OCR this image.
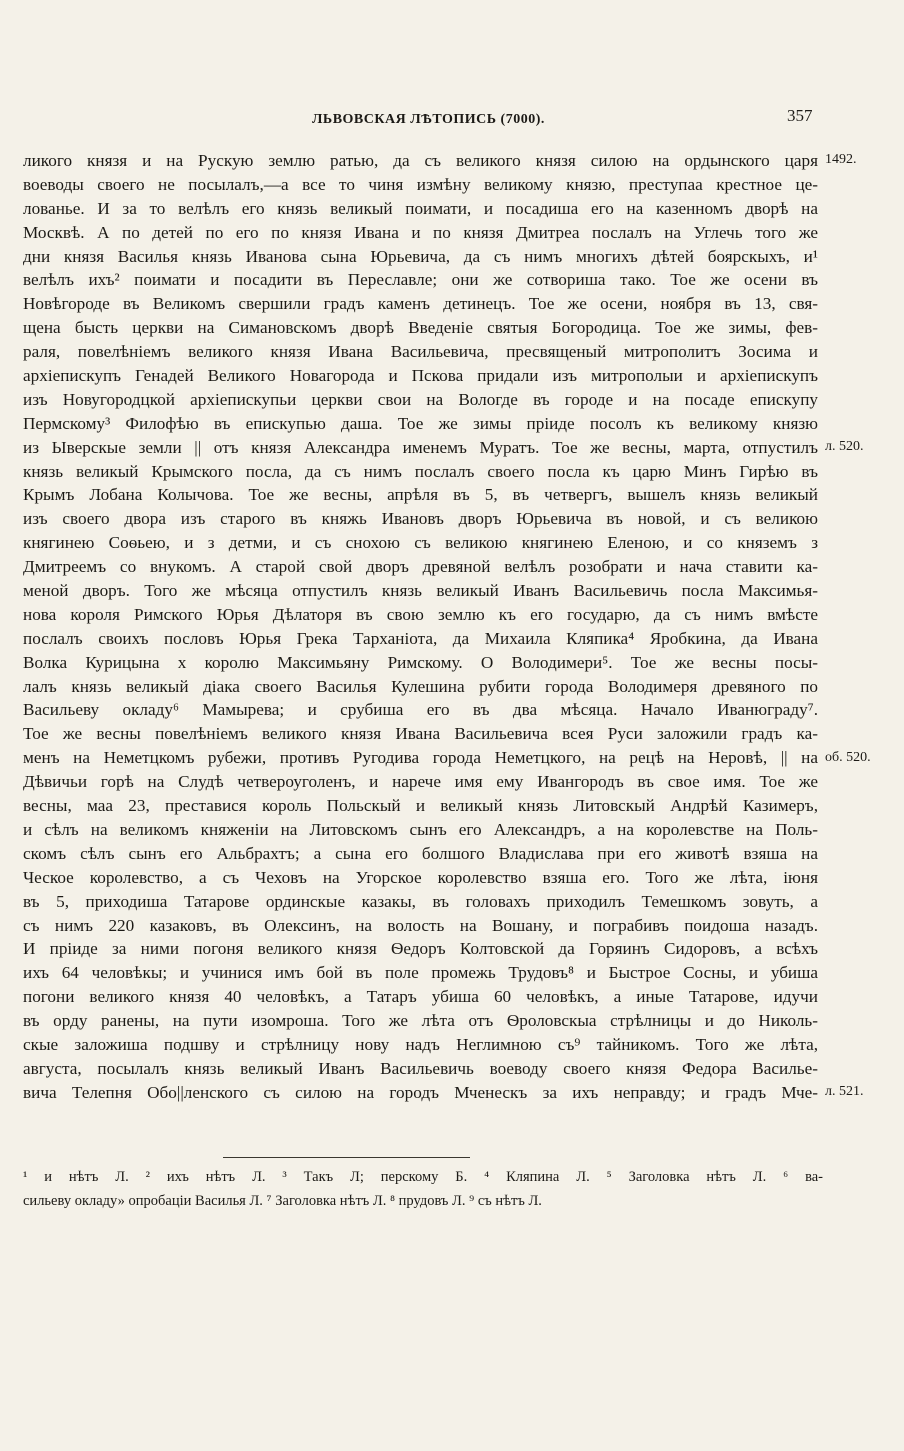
ЛЬВОВСКАЯ ЛѢТОПИСЬ (7000).	357
ликого князя и на Рускую землю ратью, да съ великого князя силою на ордынского царя
воеводы своего не посылалъ,—а все то чиня измѣну великому князю, преступаа крестное це-
лованье. И за то велѣлъ его князь великый поимати, и посадиша его на казенномъ дворѣ на
Москвѣ. А по детей по его по князя Ивана и по князя Дмитреа послалъ на Углечь того же
дни князя Василья князь Иванова сына Юрьевича, да съ нимъ многихъ дѣтей боярскыхъ, и¹
велѣлъ ихъ² поимати и посадити въ Переславле; они же сотвориша тако. Тое же осени въ
Новѣгороде въ Великомъ свершили градъ каменъ детинецъ. Тое же осени, ноября въ 13, свя-
щена бысть церкви на Симановскомъ дворѣ Введеніе святыя Богородица. Тое же зимы, фев-
раля, повелѣніемъ великого князя Ивана Васильевича, пресвященый митрополитъ Зосима и
архіепискупъ Генадей Великого Новагорода и Пскова придали изъ митрополыи и архіепискупъ
изъ Новугородцкой архіепискупьи церкви свои на Вологде въ городе и на посаде епискупу
Пермскому³ Филофѣю въ епискупью даша. Тое же зимы пріиде посолъ къ великому князю
из Ыверскые земли || отъ князя Александра именемъ Муратъ. Тое же весны, марта, отпустилъ
князь великый Крымского посла, да съ нимъ послалъ своего посла къ царю Минъ Гирѣю въ
Крымъ Лобана Колычова. Тое же весны, апрѣля въ 5, въ четвергъ, вышелъ князь великый
изъ своего двора изъ старого въ княжь Ивановъ дворъ Юрьевича въ новой, и съ великою
княгинею Соѳьею, и з детми, и съ снохою съ великою княгинею Еленою, и со княземъ з
Дмитреемъ со внукомъ. А старой свой дворъ древяной велѣлъ розобрати и нача ставити ка-
меной дворъ. Того же мѣсяца отпустилъ князь великый Иванъ Васильевичь посла Максимья-
нова короля Римского Юрья Дѣлаторя въ свою землю къ его государю, да съ нимъ вмѣсте
послалъ своихъ пословъ Юрья Грека Тарханіота, да Михаила Кляпика⁴ Яробкина, да Ивана
Волка Курицына х королю Максимьяну Римскому. О Володимери⁵. Тое же весны посы-
лалъ князь великый діака своего Василья Кулешина рубити города Володимеря древяного по
Васильеву окладу⁶ Мамырева; и срубиша его въ два мѣсяца. Начало Иванюграду⁷.
Тое же весны повелѣніемъ великого князя Ивана Васильевича всея Руси заложили градъ ка-
менъ на Неметцкомъ рубежи, противъ Ругодива города Неметцкого, на рецѣ на Неровѣ, || на
Дѣвичьи горѣ на Слудѣ четвероуголенъ, и нарече имя ему Ивангородъ въ свое имя. Тое же
весны, маа 23, преставися король Польскый и великый князь Литовскый Андрѣй Казимеръ,
и сѣлъ на великомъ княженіи на Литовскомъ сынъ его Александръ, а на королевстве на Поль-
скомъ сѣлъ сынъ его Альбрахтъ; а сына его болшого Владислава при его животѣ взяша на
Ческое королевство, а съ Чеховъ на Угорское королевство взяша его. Того же лѣта, іюня
въ 5, приходиша Татарове ординскые казакы, въ головахъ приходилъ Темешкомъ зовуть, а
съ нимъ 220 казаковъ, въ Олексинъ, на волость на Вошану, и пограбивъ поидоша назадъ.
И пріиде за ними погоня великого князя Ѳедоръ Колтовской да Горяинъ Сидоровъ, а всѣхъ
ихъ 64 человѣкы; и учинися имъ бой въ поле промежь Трудовъ⁸ и Быстрое Сосны, и убиша
погони великого князя 40 человѣкъ, а Татаръ убиша 60 человѣкъ, а иные Татарове, идучи
въ орду ранены, на пути изомроша. Того же лѣта отъ Ѳроловскыа стрѣлницы и до Николь-
скые заложиша подшву и стрѣлницу нову надъ Неглимною съ⁹ тайникомъ. Того же лѣта,
августа, посылалъ князь великый Иванъ Васильевичь воеводу своего князя Федора Василье-
вича Телепня Обо||ленского съ силою на городъ Мченескъ за ихъ неправду; и градъ Мче-
1492.
л. 520.
об. 520.
л. 521.
¹ и нѣтъ Л. ² ихъ нѣтъ Л. ³ Такъ Л; перскому Б. ⁴ Кляпина Л. ⁵ Заголовка нѣтъ Л. ⁶ ва-
сильеву окладу» опробаціи Василья Л. ⁷ Заголовка нѣтъ Л. ⁸ прудовъ Л. ⁹ съ нѣтъ Л.
